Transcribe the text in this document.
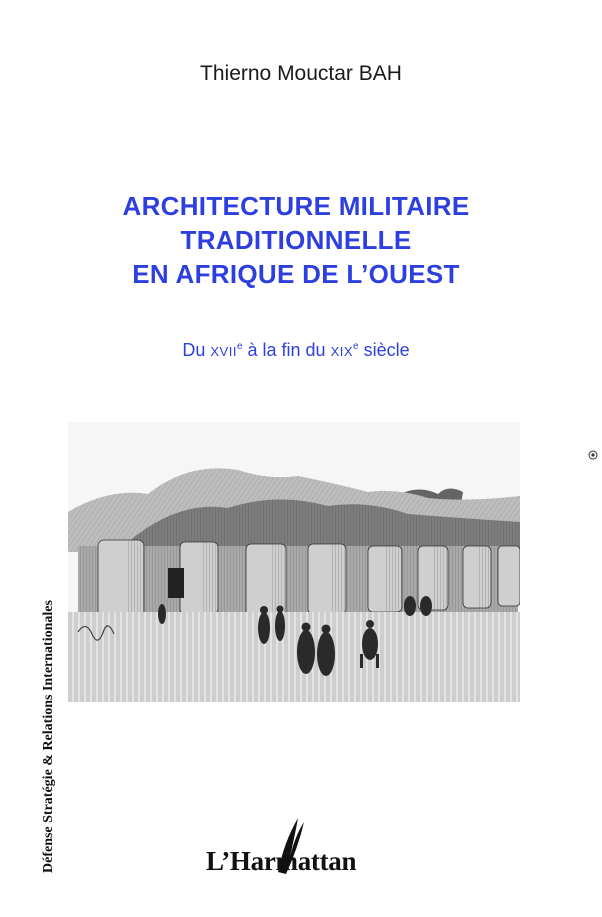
Thierno Mouctar BAH
ARCHITECTURE MILITAIRE
TRADITIONNELLE
EN AFRIQUE DE L’OUEST
Du XVIIe à la fin du XIXe siècle
Défense Stratégie & Relations Internationales	L’Harmattan
